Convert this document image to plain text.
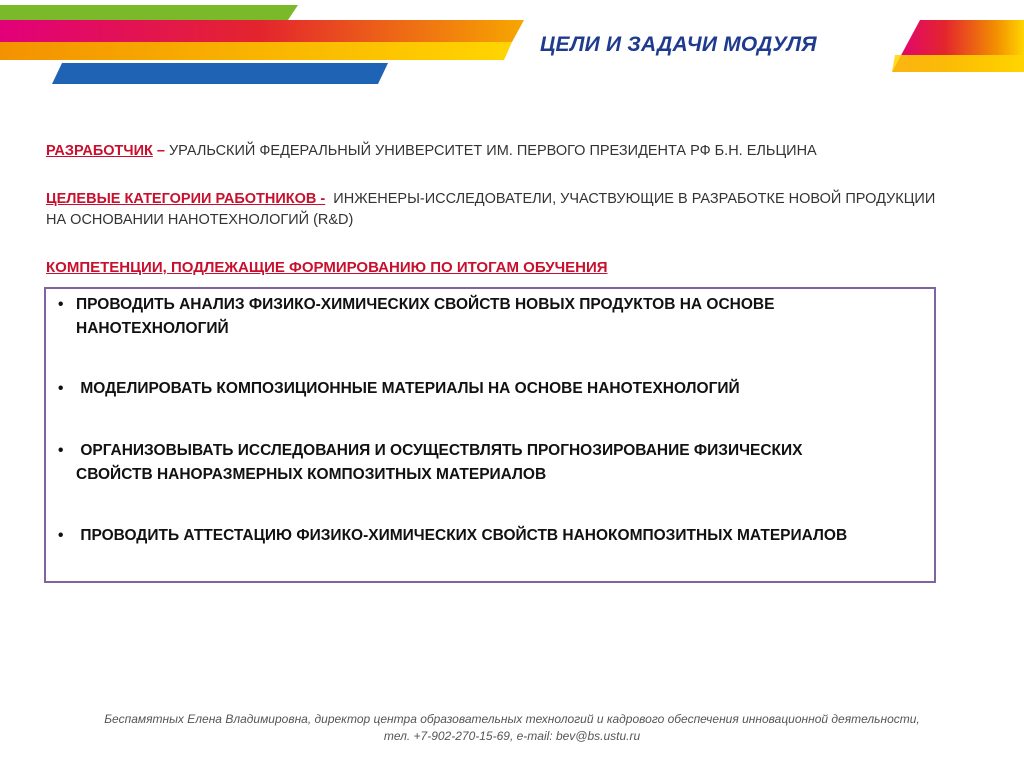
ЦЕЛИ И ЗАДАЧИ МОДУЛЯ
РАЗРАБОТЧИК – УРАЛЬСКИЙ ФЕДЕРАЛЬНЫЙ УНИВЕРСИТЕТ ИМ. ПЕРВОГО ПРЕЗИДЕНТА РФ Б.Н. ЕЛЬЦИНА
ЦЕЛЕВЫЕ КАТЕГОРИИ РАБОТНИКОВ - ИНЖЕНЕРЫ-ИССЛЕДОВАТЕЛИ, УЧАСТВУЮЩИЕ В РАЗРАБОТКЕ НОВОЙ ПРОДУКЦИИ
НА ОСНОВАНИИ НАНОТЕХНОЛОГИЙ (R&D)
КОМПЕТЕНЦИИ, ПОДЛЕЖАЩИЕ ФОРМИРОВАНИЮ ПО ИТОГАМ ОБУЧЕНИЯ
• ПРОВОДИТЬ АНАЛИЗ ФИЗИКО-ХИМИЧЕСКИХ СВОЙСТВ НОВЫХ ПРОДУКТОВ НА ОСНОВЕ
НАНОТЕХНОЛОГИЙ
• МОДЕЛИРОВАТЬ КОМПОЗИЦИОННЫЕ МАТЕРИАЛЫ НА ОСНОВЕ НАНОТЕХНОЛОГИЙ
• ОРГАНИЗОВЫВАТЬ ИССЛЕДОВАНИЯ И ОСУЩЕСТВЛЯТЬ ПРОГНОЗИРОВАНИЕ ФИЗИЧЕСКИХ
СВОЙСТВ НАНОРАЗМЕРНЫХ КОМПОЗИТНЫХ МАТЕРИАЛОВ
• ПРОВОДИТЬ АТТЕСТАЦИЮ ФИЗИКО-ХИМИЧЕСКИХ СВОЙСТВ НАНОКОМПОЗИТНЫХ МАТЕРИАЛОВ
Беспамятных Елена Владимировна, директор центра образовательных технологий и кадрового обеспечения инновационной деятельности,
тел. +7-902-270-15-69, e-mail: bev@bs.ustu.ru
